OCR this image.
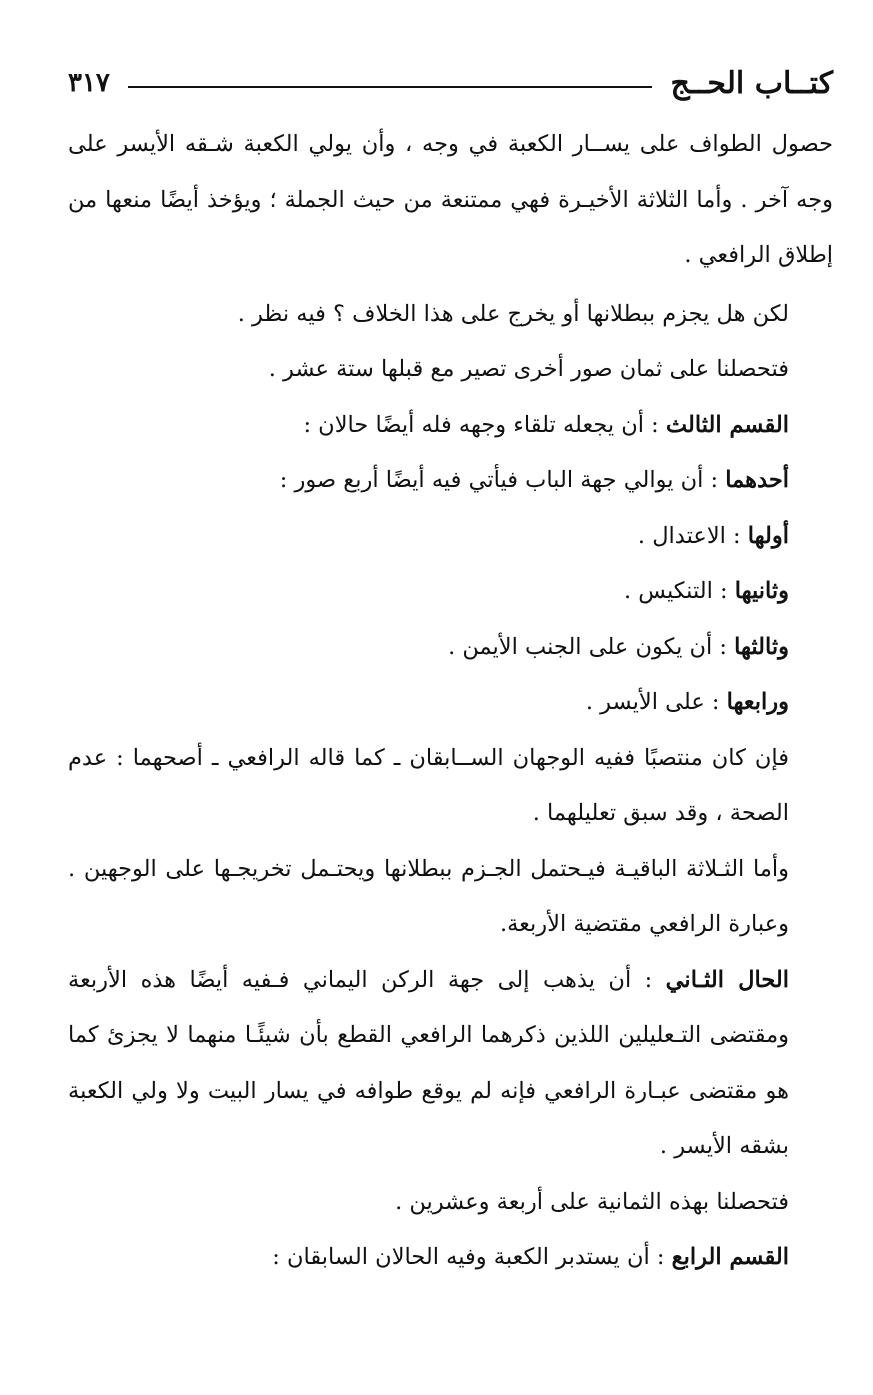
كتــاب الحــج
٣١٧

حصول الطواف على يســار الكعبة في وجه ، وأن يولي الكعبة شـقه الأيسر على وجه آخر . وأما الثلاثة الأخيـرة فهي ممتنعة من حيث الجملة ؛ ويؤخذ أيضًا منعها من إطلاق الرافعي .

لكن هل يجزم ببطلانها أو يخرج على هذا الخلاف ؟ فيه نظر .

فتحصلنا على ثمان صور أخرى تصير مع قبلها ستة عشر .

القسم الثالث : أن يجعله تلقاء وجهه فله أيضًا حالان :

أحدهما : أن يوالي جهة الباب فيأتي فيه أيضًا أربع صور :

أولها : الاعتدال .

وثانيها : التنكيس .

وثالثها : أن يكون على الجنب الأيمن .

ورابعها : على الأيسر .

فإن كان منتصبًا ففيه الوجهان الســابقان ـ كما قاله الرافعي ـ أصحهما : عدم الصحة ، وقد سبق تعليلهما .

وأما الثـلاثة الباقيـة فيـحتمل الجـزم ببطلانها ويحتـمل تخريجـها على الوجهين . وعبارة الرافعي مقتضية الأربعة.

الحال الثـاني : أن يذهب إلى جهة الركن اليماني فـفيه أيضًا هذه الأربعة ومقتضى التـعليلين اللذين ذكرهما الرافعي القطع بأن شيئًـا منهما لا يجزئ كما هو مقتضى عبـارة الرافعي فإنه لم يوقع طوافه في يسار البيت ولا ولي الكعبة بشقه الأيسر .

فتحصلنا بهذه الثمانية على أربعة وعشرين .

القسم الرابع : أن يستدبر الكعبة وفيه الحالان السابقان :
